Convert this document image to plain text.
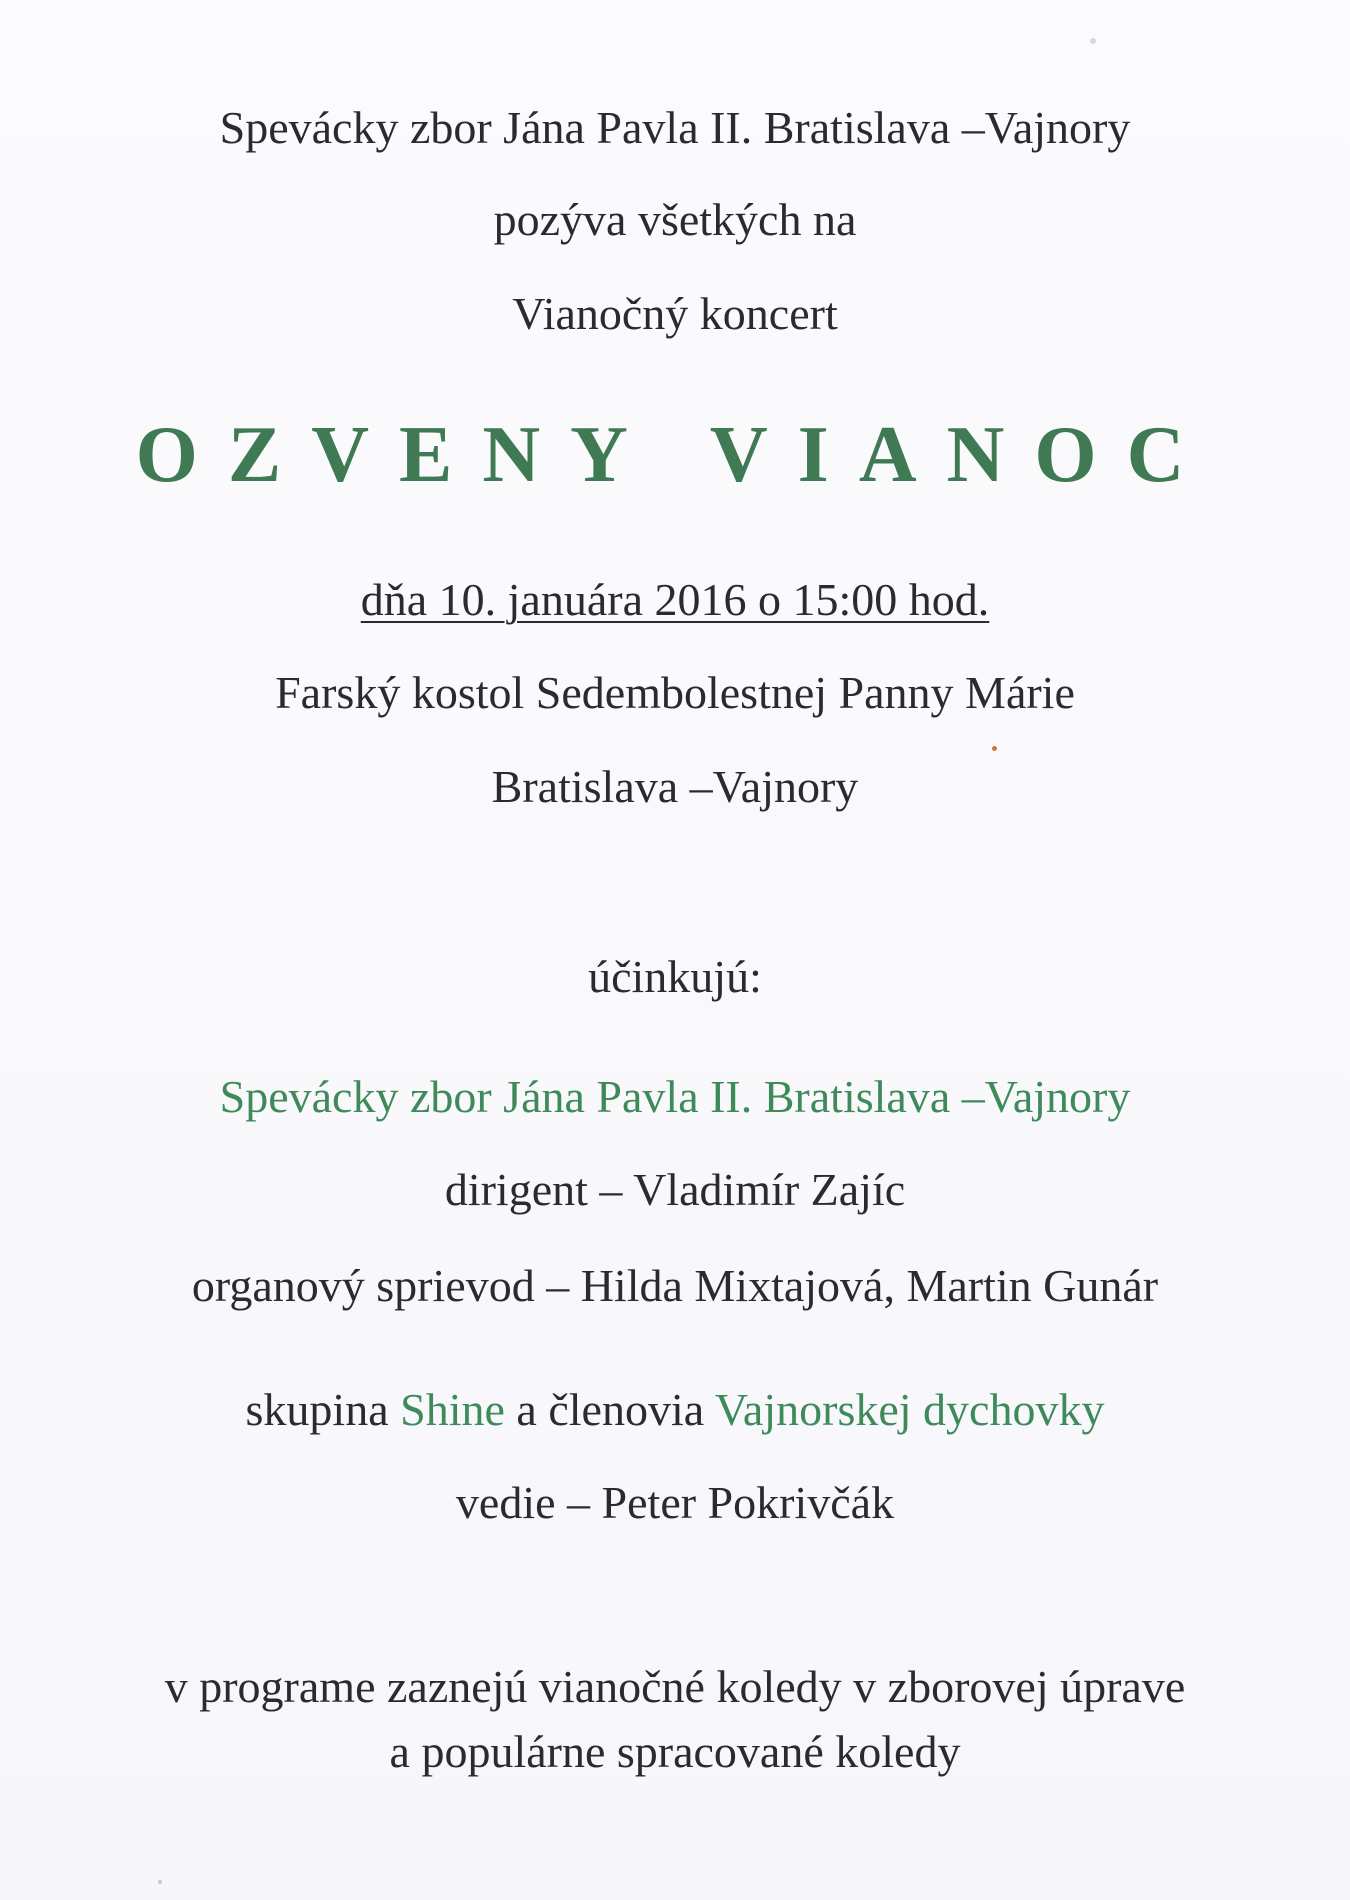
Spevácky zbor Jána Pavla II. Bratislava –Vajnory
pozýva všetkých na
Vianočný koncert
OZVENY VIANOC
dňa 10. januára 2016 o 15:00 hod.
Farský kostol Sedembolestnej Panny Márie
Bratislava –Vajnory
účinkujú:
Spevácky zbor Jána Pavla II. Bratislava –Vajnory
dirigent – Vladimír Zajíc
organový sprievod – Hilda Mixtajová, Martin Gunár
skupina Shine a členovia Vajnorskej dychovky
vedie – Peter Pokrivčák
v programe zaznejú vianočné koledy v zborovej úprave
a populárne spracované koledy
